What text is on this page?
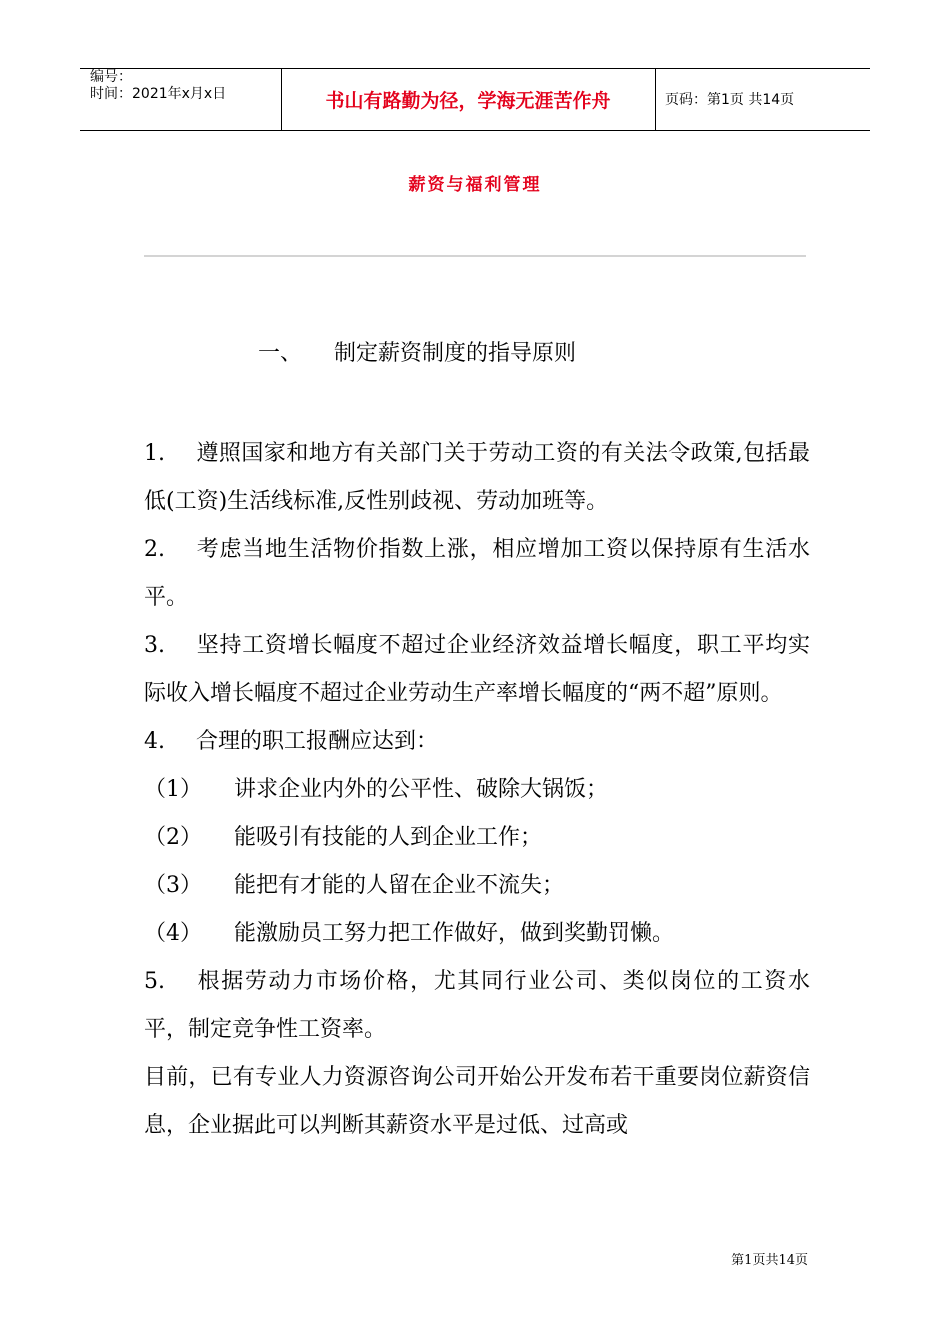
编号：
时间：2021年x月x日	书山有路勤为径，学海无涯苦作舟	页码：第1页 共14页
薪资与福利管理
一、 制定薪资制度的指导原则

1. 遵照国家和地方有关部门关于劳动工资的有关法令政策,包括最低(工资)生活线标准,反性别歧视、劳动加班等。

2. 考虑当地生活物价指数上涨，相应增加工资以保持原有生活水平。

3. 坚持工资增长幅度不超过企业经济效益增长幅度，职工平均实际收入增长幅度不超过企业劳动生产率增长幅度的“两不超”原则。

4. 合理的职工报酬应达到：

（1） 讲求企业内外的公平性、破除大锅饭；

（2） 能吸引有技能的人到企业工作；

（3） 能把有才能的人留在企业不流失；

（4） 能激励员工努力把工作做好，做到奖勤罚懒。

5. 根据劳动力市场价格，尤其同行业公司、类似岗位的工资水平，制定竞争性工资率。

目前，已有专业人力资源咨询公司开始公开发布若干重要岗位薪资信息，企业据此可以判断其薪资水平是过低、过高或

第1页共14页
